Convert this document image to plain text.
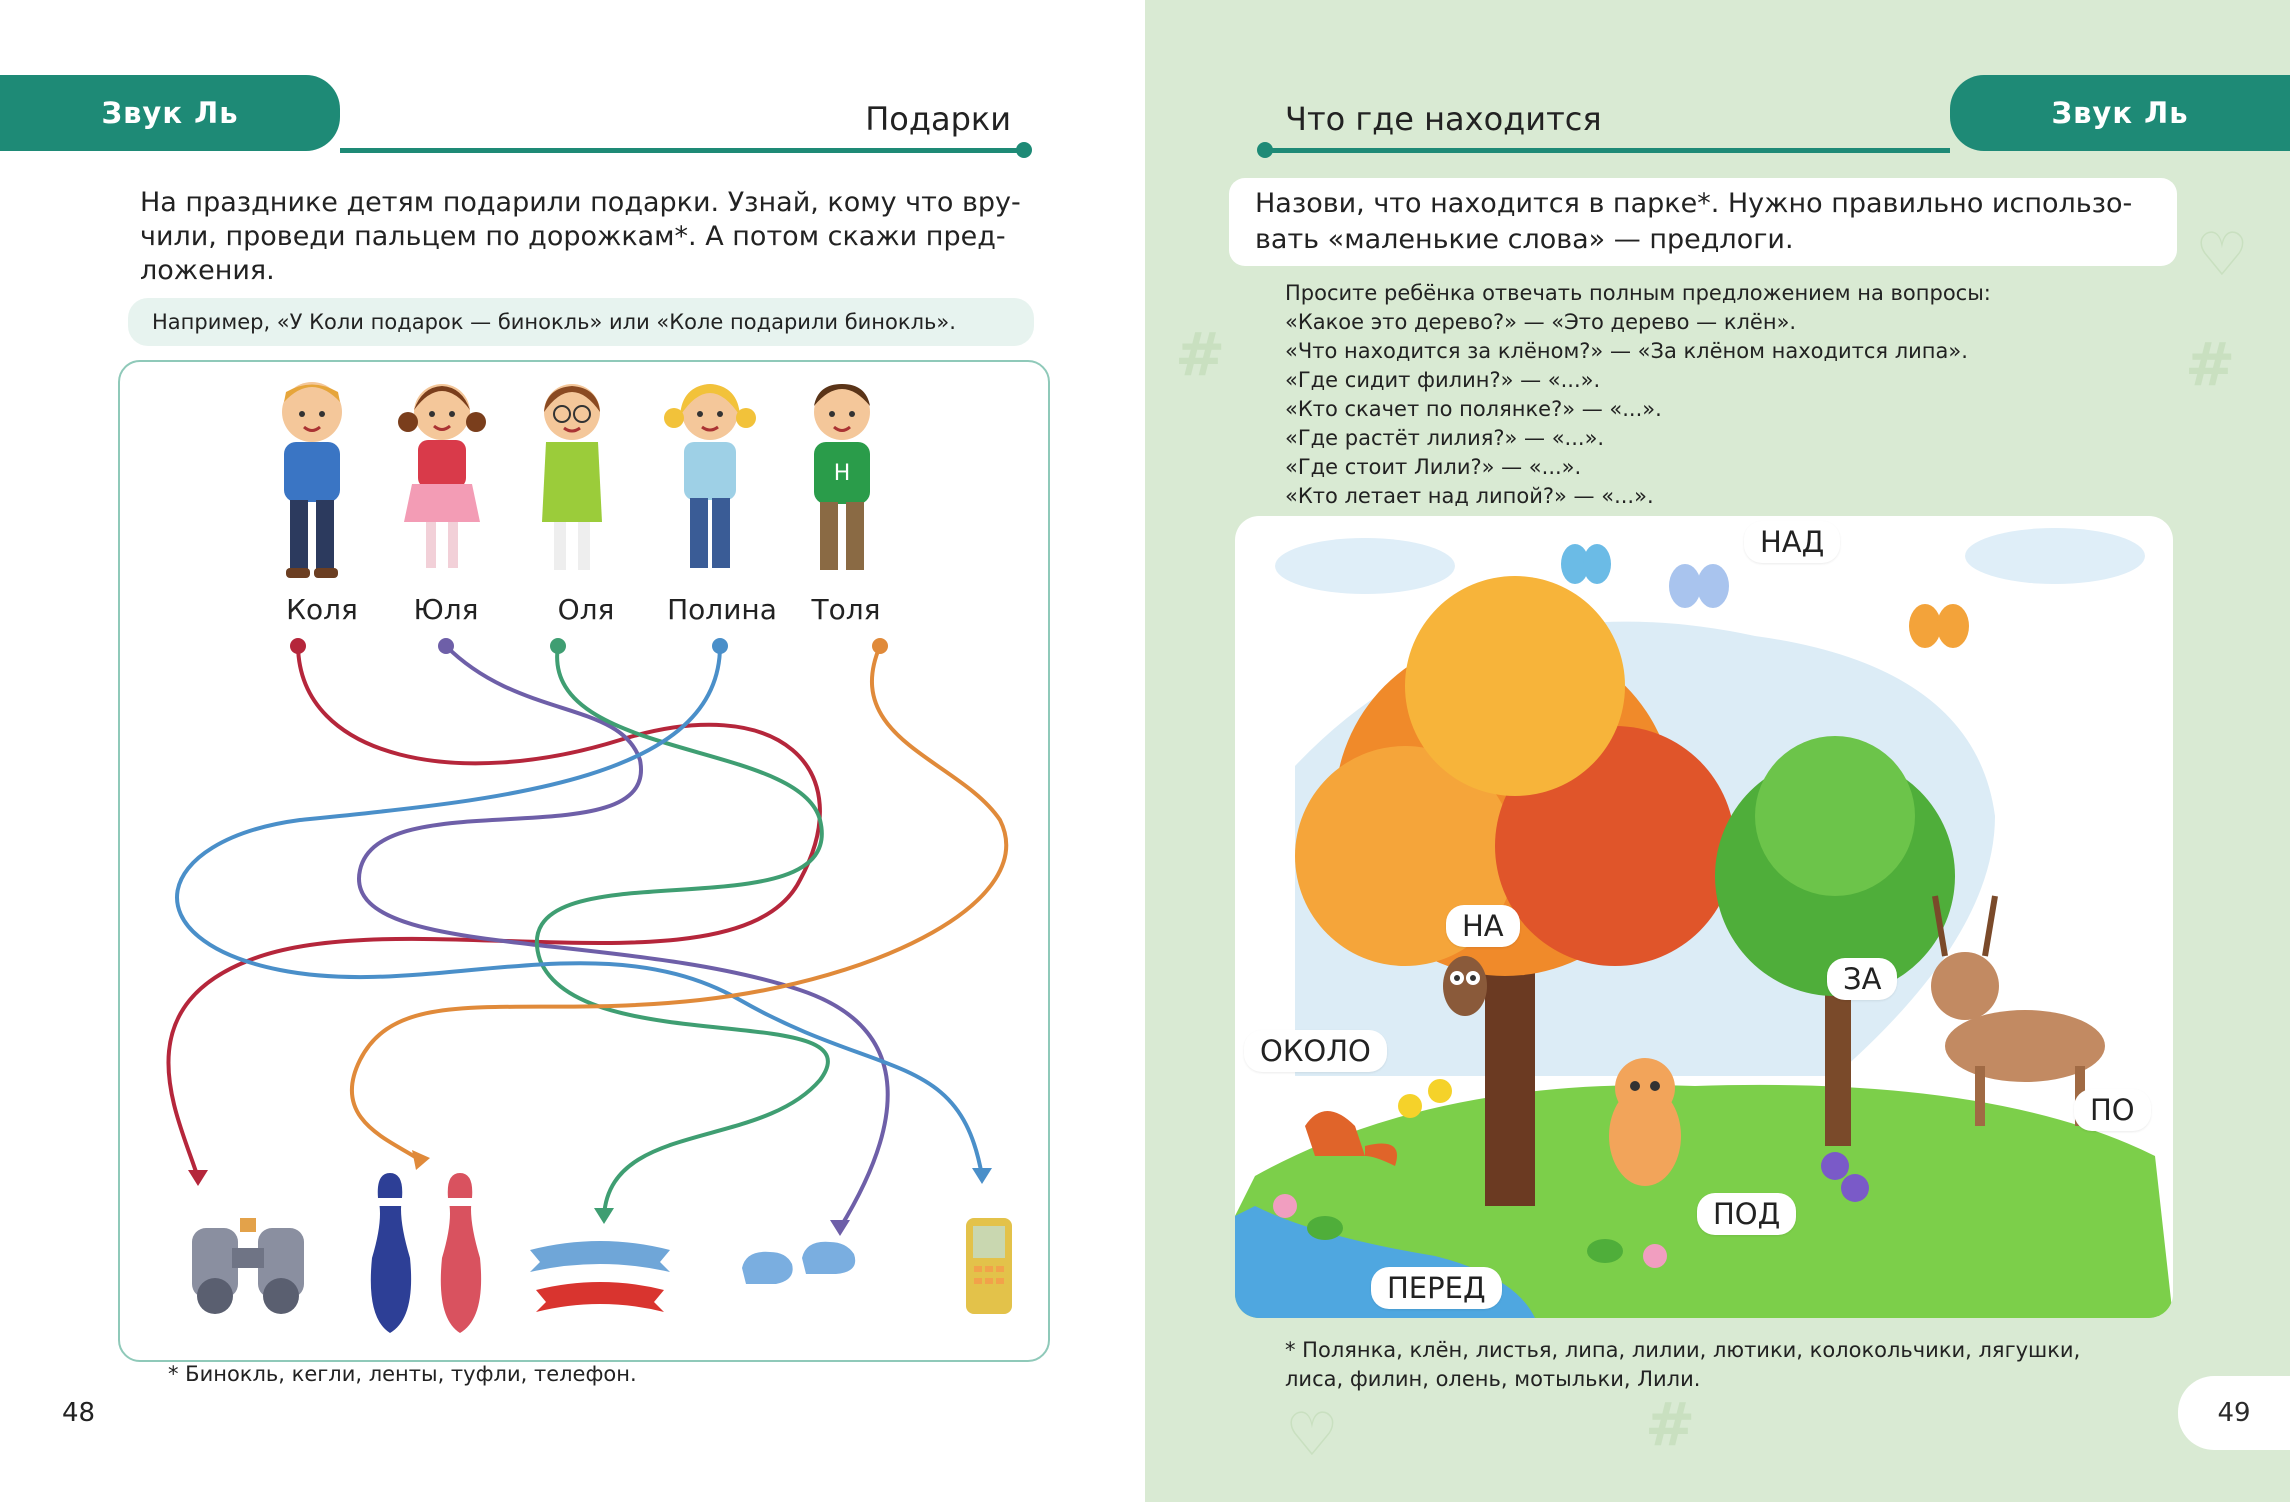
Звук Ль	Подарки
На празднике детям подарили подарки. Узнай, кому что вру-
чили, проведи пальцем по дорожкам*. А потом скажи пред-
ложения.
Например, «У Коли подарок — бинокль» или «Коле подарили бинокль».
H
Коля	Юля	Оля	Полина	Толя
* Бинокль, кегли, ленты, туфли, телефон.
48
#	#
#
♡
♡
Звук Ль
Что где находится
Назови, что находится в парке*. Нужно правильно использо-
вать «маленькие слова» — предлоги.
Просите ребёнка отвечать полным предложением на вопросы:
«Какое это дерево?» — «Это дерево — клён».
«Что находится за клёном?» — «За клёном находится липа».
«Где сидит филин?» — «...».
«Кто скачет по полянке?» — «...».
«Где растёт лилия?» — «...».
«Где стоит Лили?» — «...».
«Кто летает над липой?» — «...».
НАД
НА
ЗА
ОКОЛО
ПО
ПОД
ПЕРЕД
* Полянка, клён, листья, липа, лилии, лютики, колокольчики, лягушки,
лиса, филин, олень, мотыльки, Лили.
49
